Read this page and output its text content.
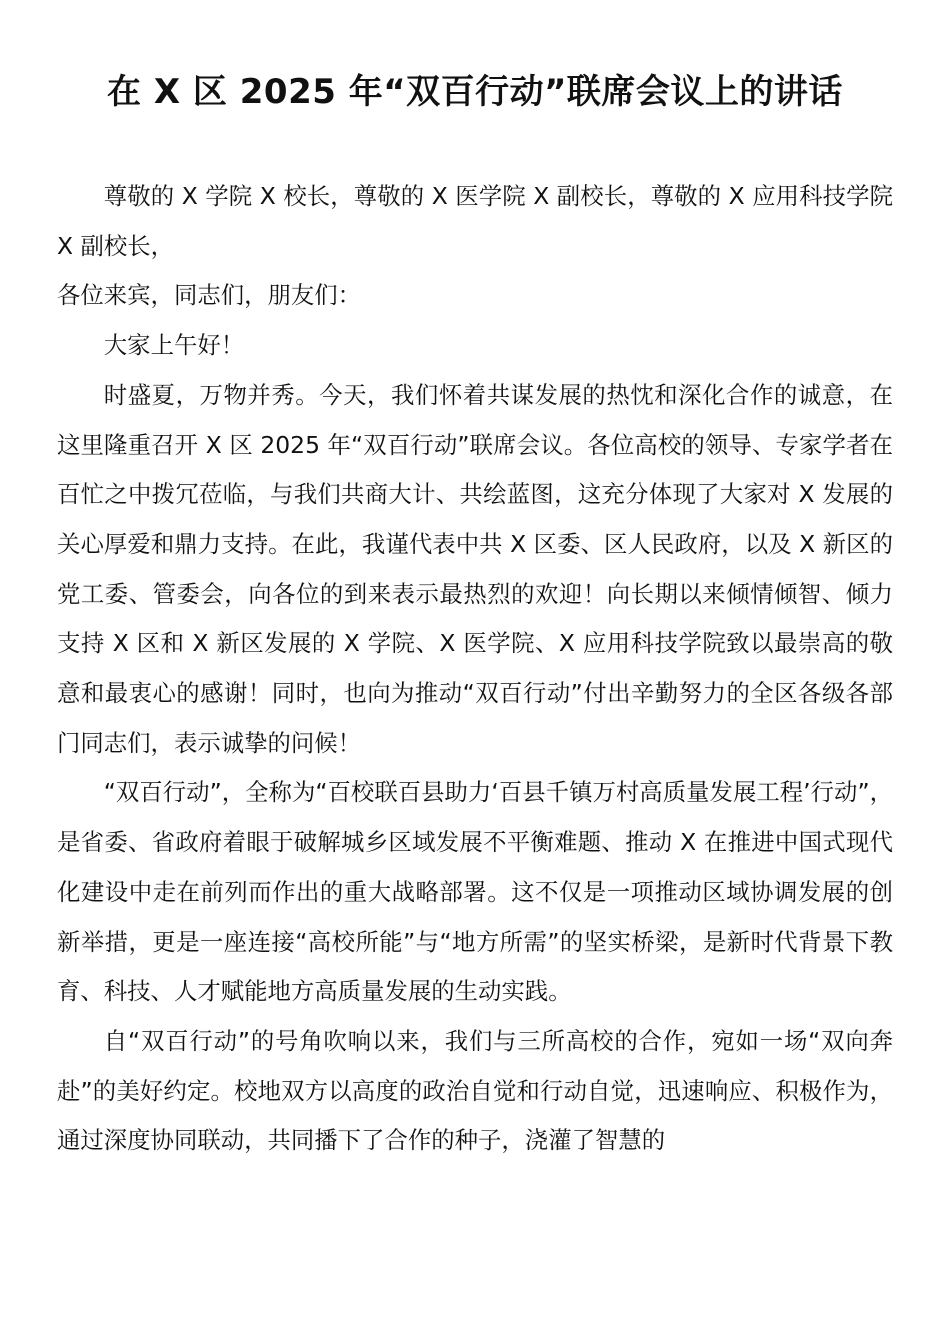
在 X 区 2025 年“双百行动”联席会议上的讲话

尊敬的 X 学院 X 校长，尊敬的 X 医学院 X 副校长，尊敬的 X 应用科技学院 X 副校长，

各位来宾，同志们，朋友们：

大家上午好！

时盛夏，万物并秀。今天，我们怀着共谋发展的热忱和深化合作的诚意，在这里隆重召开 X 区 2025 年“双百行动”联席会议。各位高校的领导、专家学者在百忙之中拨冗莅临，与我们共商大计、共绘蓝图，这充分体现了大家对 X 发展的关心厚爱和鼎力支持。在此，我谨代表中共 X 区委、区人民政府，以及 X 新区的党工委、管委会，向各位的到来表示最热烈的欢迎！向长期以来倾情倾智、倾力支持 X 区和 X 新区发展的 X 学院、X 医学院、X 应用科技学院致以最崇高的敬意和最衷心的感谢！同时，也向为推动“双百行动”付出辛勤努力的全区各级各部门同志们，表示诚挚的问候！

“双百行动”，全称为“百校联百县助力‘百县千镇万村高质量发展工程’行动”，是省委、省政府着眼于破解城乡区域发展不平衡难题、推动 X 在推进中国式现代化建设中走在前列而作出的重大战略部署。这不仅是一项推动区域协调发展的创新举措，更是一座连接“高校所能”与“地方所需”的坚实桥梁，是新时代背景下教育、科技、人才赋能地方高质量发展的生动实践。

自“双百行动”的号角吹响以来，我们与三所高校的合作，宛如一场“双向奔赴”的美好约定。校地双方以高度的政治自觉和行动自觉，迅速响应、积极作为，通过深度协同联动，共同播下了合作的种子，浇灌了智慧的
